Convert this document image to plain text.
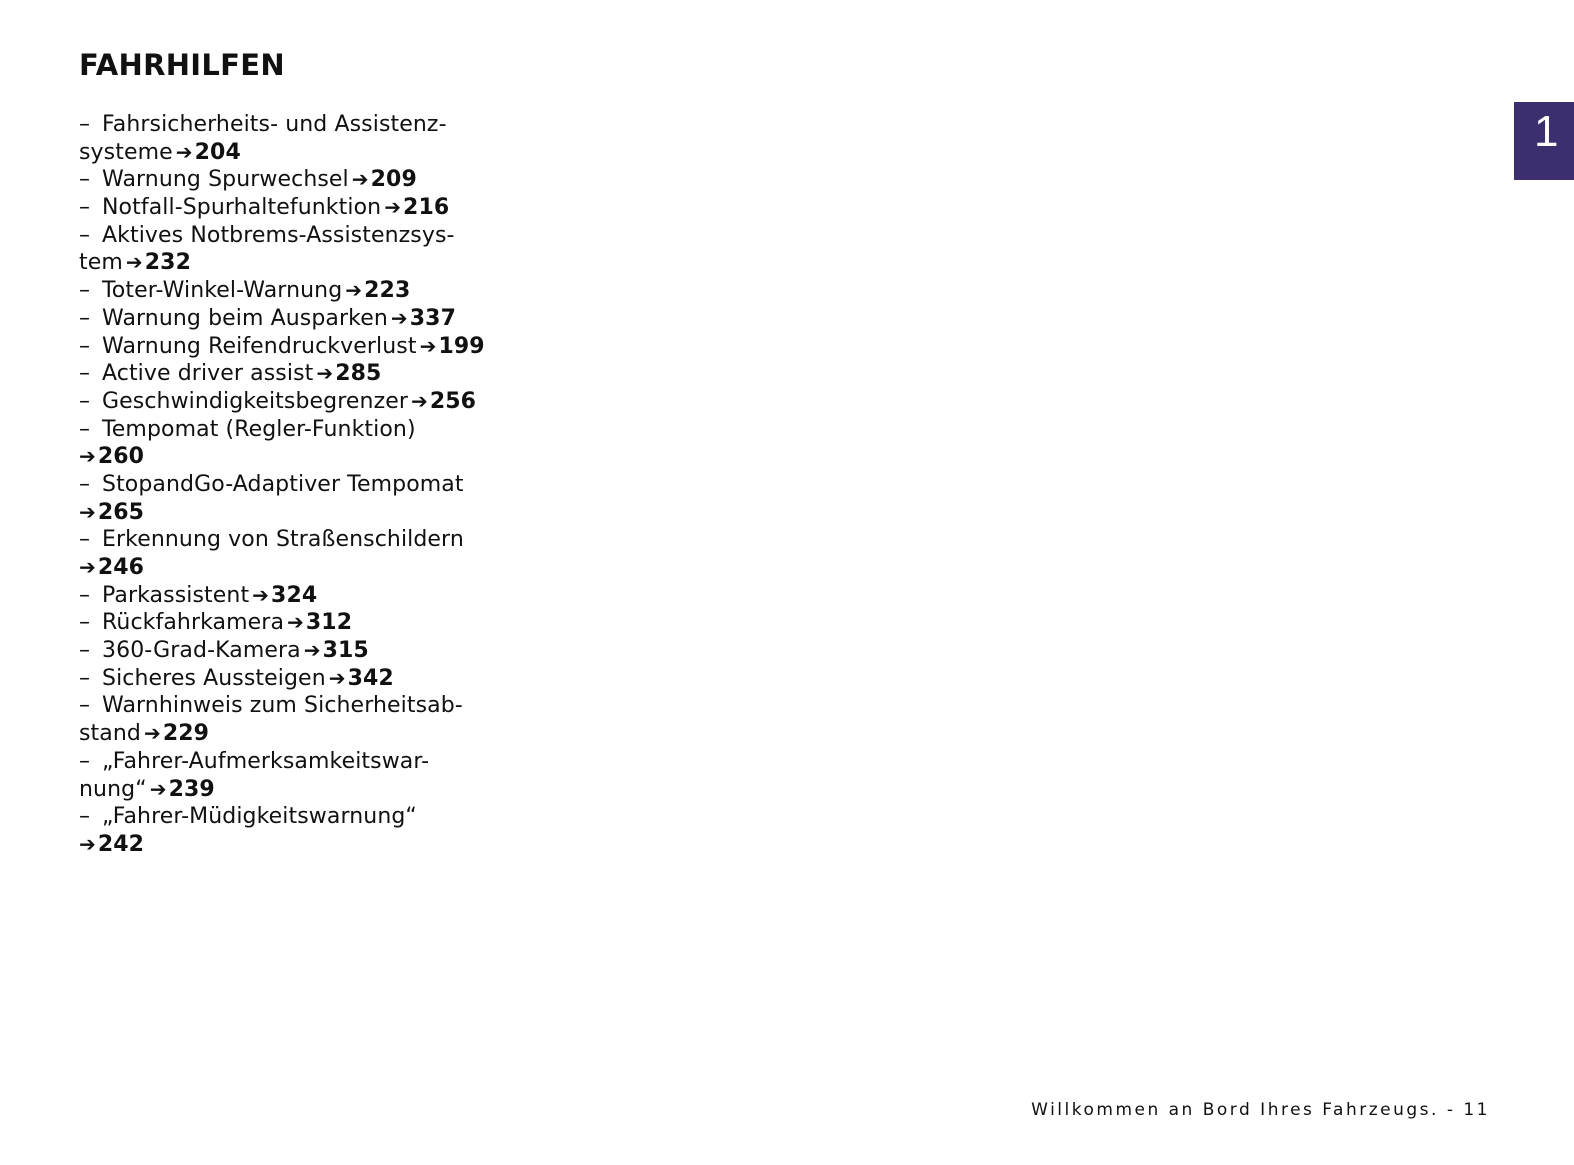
FAHRHILFEN
– Fahrsicherheits- und Assistenz-
systeme ➔204
– Warnung Spurwechsel ➔209
– Notfall-Spurhaltefunktion ➔216
– Aktives Notbrems-Assistenzsys-
tem ➔232
– Toter-Winkel-Warnung ➔223
– Warnung beim Ausparken ➔337
– Warnung Reifendruckverlust ➔199
– Active driver assist ➔285
– Geschwindigkeitsbegrenzer ➔256
– Tempomat (Regler-Funktion)
➔260
– StopandGo-Adaptiver Tempomat
➔265
– Erkennung von Straßenschildern
➔246
– Parkassistent ➔324
– Rückfahrkamera ➔312
– 360-Grad-Kamera ➔315
– Sicheres Aussteigen ➔342
– Warnhinweis zum Sicherheitsab-
stand ➔229
– „Fahrer-Aufmerksamkeitswar-
nung“ ➔239
– „Fahrer-Müdigkeitswarnung“
➔242
1
Willkommen an Bord Ihres Fahrzeugs. - 11
